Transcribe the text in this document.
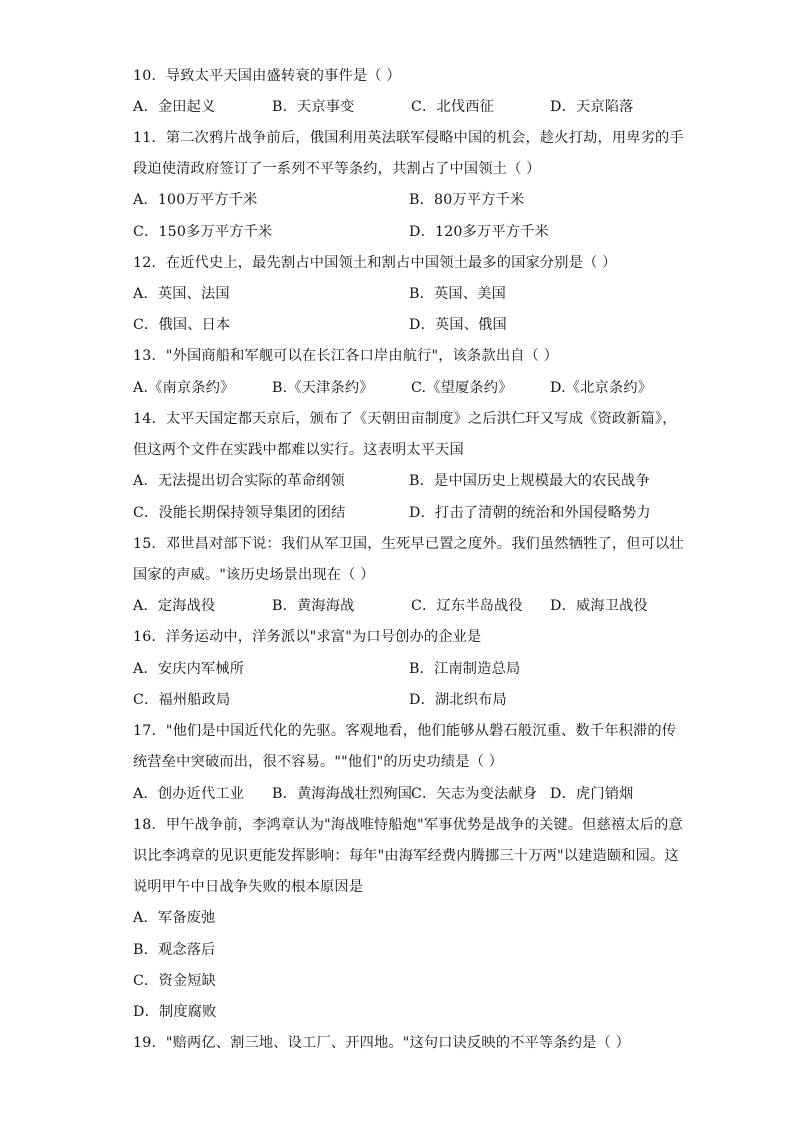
10．导致太平天国由盛转衰的事件是（ ）
A．金田起义	B．天京事变	C．北伐西征	D．天京陷落
11．第二次鸦片战争前后，俄国利用英法联军侵略中国的机会，趁火打劫，用卑劣的手
段迫使清政府签订了一系列不平等条约，共割占了中国领土（ ）
A．100万平方千米	B．80万平方千米
C．150多万平方千米	D．120多万平方千米
12．在近代史上，最先割占中国领土和割占中国领土最多的国家分别是（ ）
A．英国、法国	B．英国、美国
C．俄国、日本	D．英国、俄国
13．"外国商船和军舰可以在长江各口岸由航行"，该条款出自（ ）
A.《南京条约》	B.《天津条约》	C.《望厦条约》	D.《北京条约》
14．太平天国定都天京后，颁布了《天朝田亩制度》之后洪仁玕又写成《资政新篇》，
但这两个文件在实践中都难以实行。这表明太平天国
A．无法提出切合实际的革命纲领	B．是中国历史上规模最大的农民战争
C．没能长期保持领导集团的团结	D．打击了清朝的统治和外国侵略势力
15．邓世昌对部下说：我们从军卫国，生死早已置之度外。我们虽然牺牲了，但可以壮
国家的声威。"该历史场景出现在（ ）
A．定海战役	B．黄海海战	C．辽东半岛战役 D．威海卫战役
16．洋务运动中，洋务派以"求富"为口号创办的企业是
A．安庆内军械所	B．江南制造总局
C．福州船政局	D．湖北织布局
17．"他们是中国近代化的先驱。客观地看，他们能够从磐石般沉重、数千年积滞的传
统营垒中突破而出，很不容易。""他们"的历史功绩是（ ）
A．创办近代工业 B．黄海海战壮烈殉国
C．矢志为变法献身 D．虎门销烟
18．甲午战争前，李鸿章认为"海战唯恃船炮"军事优势是战争的关键。但慈禧太后的意
识比李鸿章的见识更能发挥影响：每年"由海军经费内腾挪三十万两"以建造颐和园。这
说明甲午中日战争失败的根本原因是
A．军备废弛
B．观念落后
C．资金短缺
D．制度腐败
19．"赔两亿、割三地、设工厂、开四地。"这句口诀反映的不平等条约是（ ）
